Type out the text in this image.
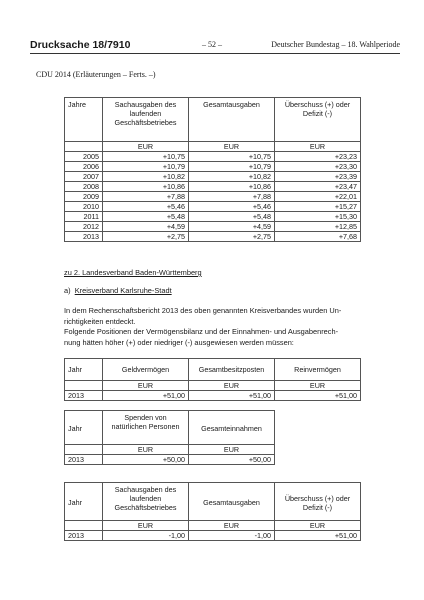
Drucksache 18/7910	– 52 –	Deutscher Bundestag – 18. Wahlperiode
CDU 2014 (Erläuterungen – Ferts. –)
Jahre	Sachausgaben des laufenden Geschäftsbetriebes	Gesamtausgaben	Überschuss (+) oder Defizit (-)
	EUR	EUR	EUR
2005	+10,75	+10,75	+23,23
2006	+10,79	+10,79	+23,30
2007	+10,82	+10,82	+23,39
2008	+10,86	+10,86	+23,47
2009	+7,88	+7,88	+22,01
2010	+5,46	+5,46	+15,27
2011	+5,48	+5,48	+15,30
2012	+4,59	+4,59	+12,85
2013	+2,75	+2,75	+7,68
zu 2. Landesverband Baden-Württemberg
a)  Kreisverband Karlsruhe-Stadt
In dem Rechenschaftsbericht 2013 des oben genannten Kreisverbandes wurden Un-
richtigkeiten entdeckt.
Folgende Positionen der Vermögensbilanz und der Einnahmen- und Ausgabenrech-
nung hätten höher (+) oder niedriger (-) ausgewiesen werden müssen:
Jahr	Geldvermögen	Gesamtbesitzposten	Reinvermögen
	EUR	EUR	EUR
2013	+51,00	+51,00	+51,00
Jahr	Spenden von natürlichen Personen	Gesamteinnahmen
	EUR	EUR
2013	+50,00	+50,00
Jahr	Sachausgaben des laufenden Geschäftsbetriebes	Gesamtausgaben	Überschuss (+) oder Defizit (-)
	EUR	EUR	EUR
2013	-1,00	-1,00	+51,00
